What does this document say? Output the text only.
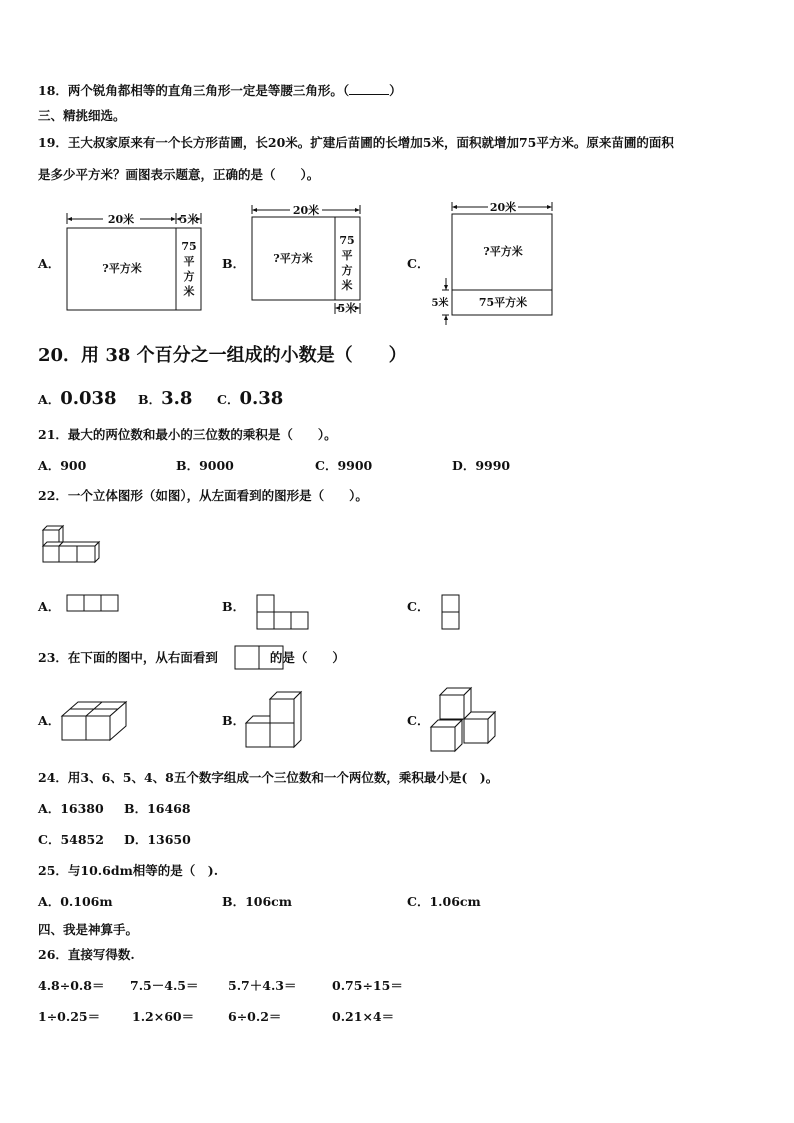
18．两个锐角都相等的直角三角形一定是等腰三角形。（	）
三、精挑细选。
19．王大叔家原来有一个长方形苗圃，长20米。扩建后苗圃的长增加5米，面积就增加75平方米。原来苗圃的面积
是多少平方米？画图表示题意，正确的是（　　）。
A．
20米	5米
?平方米
75
平
方
米
B．
20米
5米
?平方米
75
平
方
米
C．
20米
5米
?平方米
75平方米
20．用 38 个百分之一组成的小数是（　　）
A．0.038 B．3.8 C．0.38
21．最大的两位数和最小的三位数的乘积是（　　）。
A．900	B．9000	C．9900	D．9990
22．一个立体图形（如图），从左面看到的图形是（　　）。
A．	B．	C．
23．在下面的图中，从右面看到	的是（　　）
A．	B．	C．
24．用3、6、5、4、8五个数字组成一个三位数和一个两位数，乘积最小是(　)。
A．16380 B．16468
C．54852 D．13650
25．与10.6dm相等的是（　).
A．0.106m	B．106cm	C．1.06cm
四、我是神算手。
26．直接写得数.
4.8÷0.8＝ 7.5－4.5＝ 5.7＋4.3＝	0.75÷15＝
1÷0.25＝	1.2×60＝	6÷0.2＝	0.21×4＝
